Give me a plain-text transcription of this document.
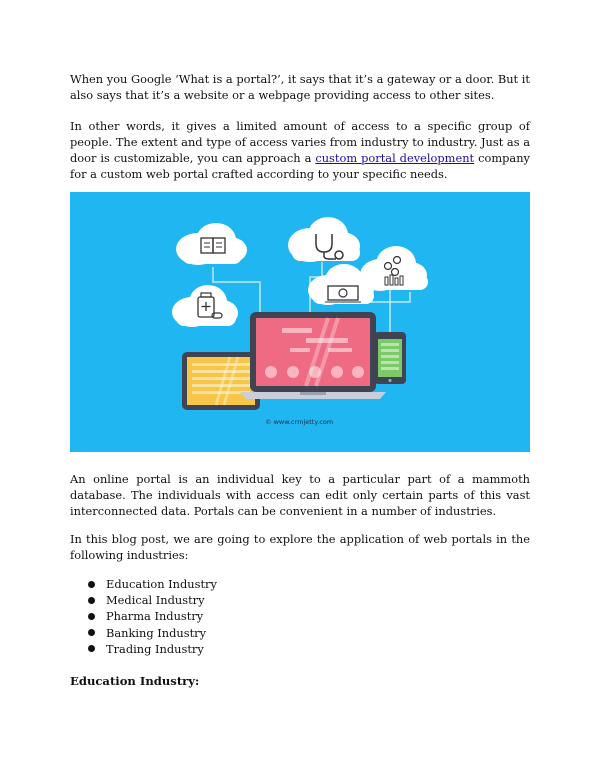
When you Google ‘What is a portal?’, it says that it’s a gateway or a door. But it also says that it’s a website or a webpage providing access to other sites.

In other words, it gives a limited amount of access to a specific group of people. The extent and type of access varies from industry to industry. Just as a door is customizable, you can approach a custom portal development company for a custom web portal crafted according to your specific needs.

© www.crmjetty.com

An online portal is an individual key to a particular part of a mammoth database. The individuals with access can edit only certain parts of this vast interconnected data. Portals can be convenient in a number of industries.

In this blog post, we are going to explore the application of web portals in the following industries:

Education Industry
Medical Industry
Pharma Industry
Banking Industry
Trading Industry
Education Industry:
